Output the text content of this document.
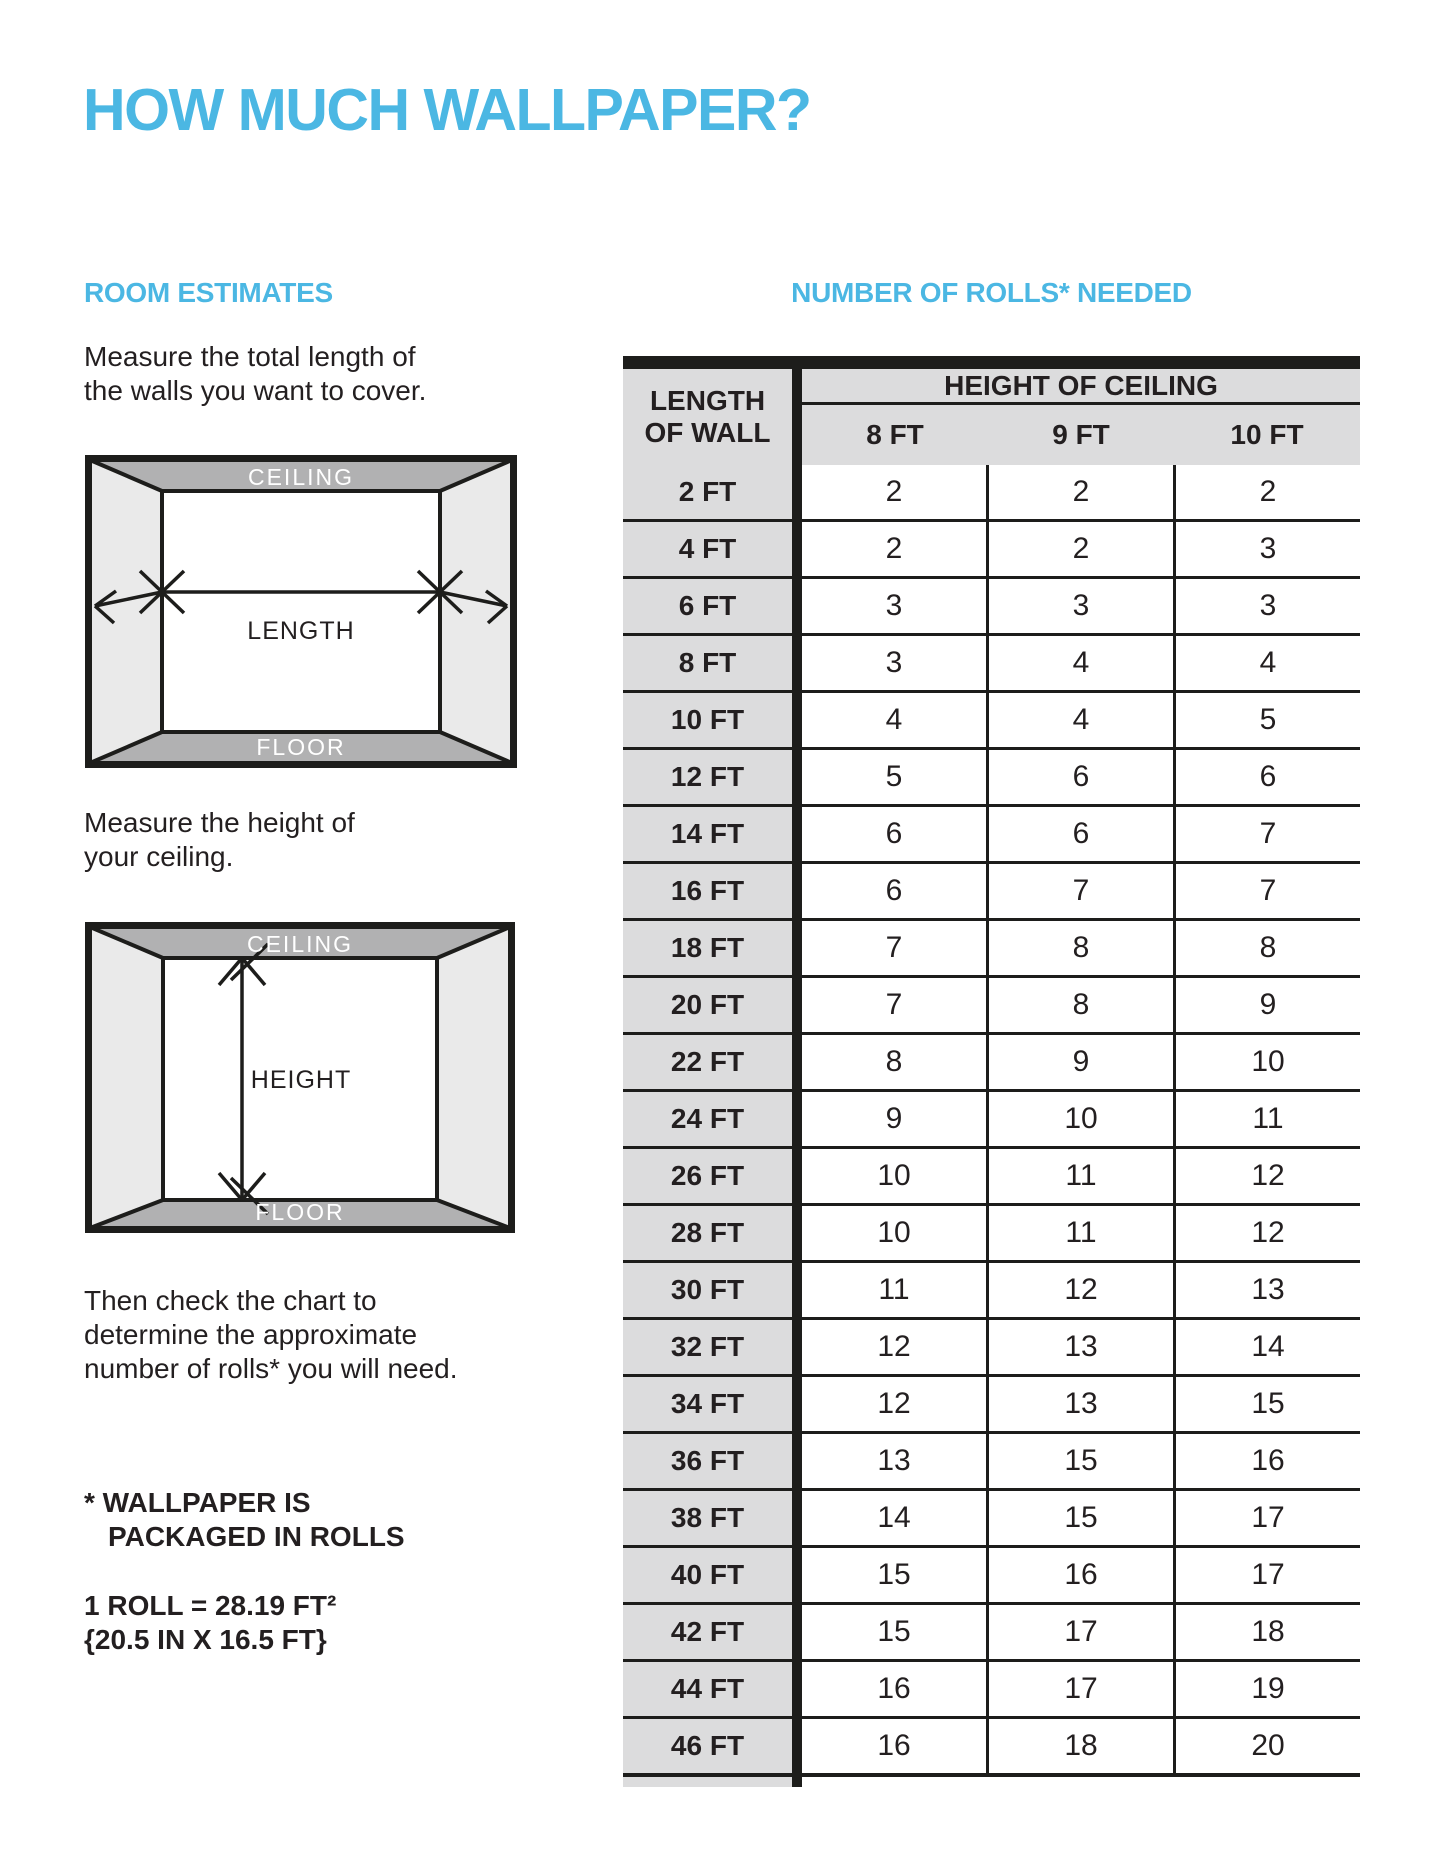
HOW MUCH WALLPAPER?
ROOM ESTIMATES	NUMBER OF ROLLS* NEEDED
Measure the total length of
the walls you want to cover.
CEILING
FLOOR
LENGTH
Measure the height of
your ceiling.
CEILING
FLOOR
HEIGHT
Then check the chart to
determine the approximate
number of rolls* you will need.
* WALLPAPER IS
PACKAGED IN ROLLS
1 ROLL = 28.19 FT²
{20.5 IN X 16.5 FT}
LENGTH
OF WALL
HEIGHT OF CEILING
8 FT	9 FT	10 FT
2 FT	2	2	2
4 FT	2	2	3
6 FT	3	3	3
8 FT	3	4	4
10 FT	4	4	5
12 FT	5	6	6
14 FT	6	6	7
16 FT	6	7	7
18 FT	7	8	8
20 FT	7	8	9
22 FT	8	9	10
24 FT	9	10	11
26 FT	10	11	12
28 FT	10	11	12
30 FT	11	12	13
32 FT	12	13	14
34 FT	12	13	15
36 FT	13	15	16
38 FT	14	15	17
40 FT	15	16	17
42 FT	15	17	18
44 FT	16	17	19
46 FT	16	18	20
